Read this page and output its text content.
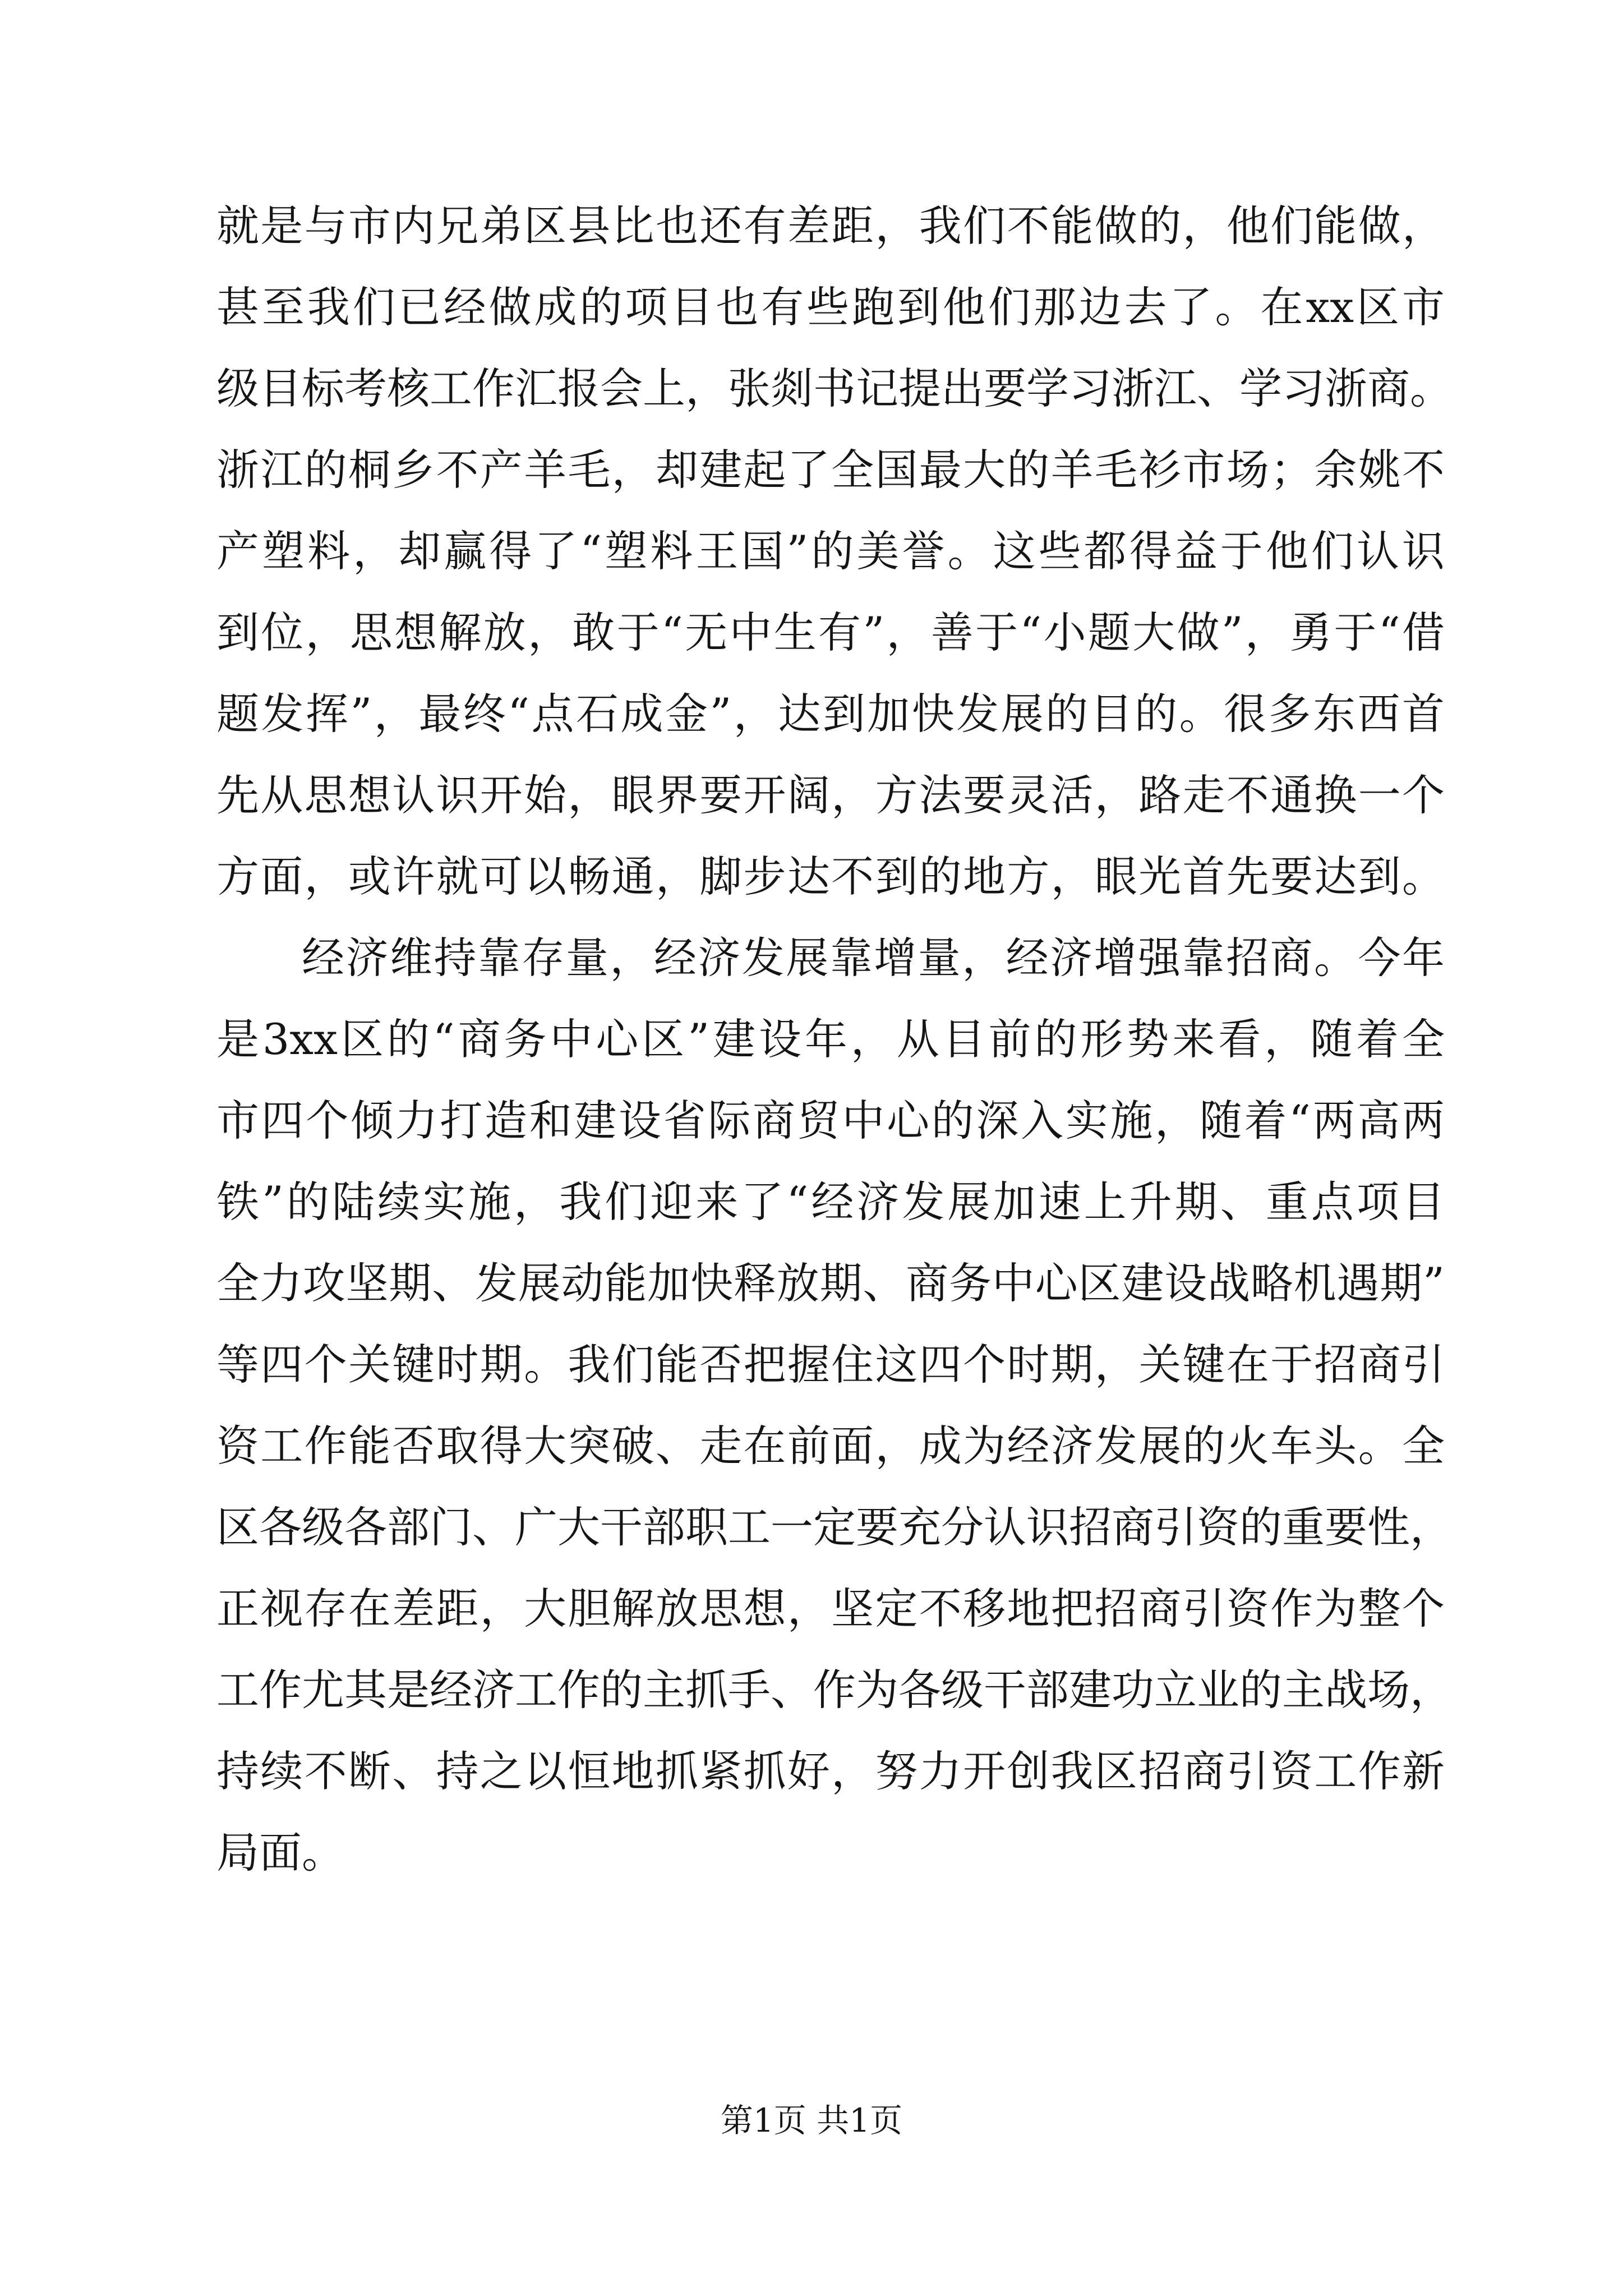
就是与市内兄弟区县比也还有差距，我们不能做的，他们能做，
甚至我们已经做成的项目也有些跑到他们那边去了。在xx区市
级目标考核工作汇报会上，张剡书记提出要学习浙江、学习浙商。
浙江的桐乡不产羊毛，却建起了全国最大的羊毛衫市场；余姚不
产塑料，却赢得了“塑料王国”的美誉。这些都得益于他们认识
到位，思想解放，敢于“无中生有”，善于“小题大做”，勇于“借
题发挥”，最终“点石成金”，达到加快发展的目的。很多东西首
先从思想认识开始，眼界要开阔，方法要灵活，路走不通换一个
方面，或许就可以畅通，脚步达不到的地方，眼光首先要达到。
经济维持靠存量，经济发展靠增量，经济增强靠招商。今年
是3xx区的“商务中心区”建设年，从目前的形势来看，随着全
市四个倾力打造和建设省际商贸中心的深入实施，随着“两高两
铁”的陆续实施，我们迎来了“经济发展加速上升期、重点项目
全力攻坚期、发展动能加快释放期、商务中心区建设战略机遇期”
等四个关键时期。我们能否把握住这四个时期，关键在于招商引
资工作能否取得大突破、走在前面，成为经济发展的火车头。全
区各级各部门、广大干部职工一定要充分认识招商引资的重要性，
正视存在差距，大胆解放思想，坚定不移地把招商引资作为整个
工作尤其是经济工作的主抓手、作为各级干部建功立业的主战场，
持续不断、持之以恒地抓紧抓好，努力开创我区招商引资工作新
局面。
第1页 共1页
